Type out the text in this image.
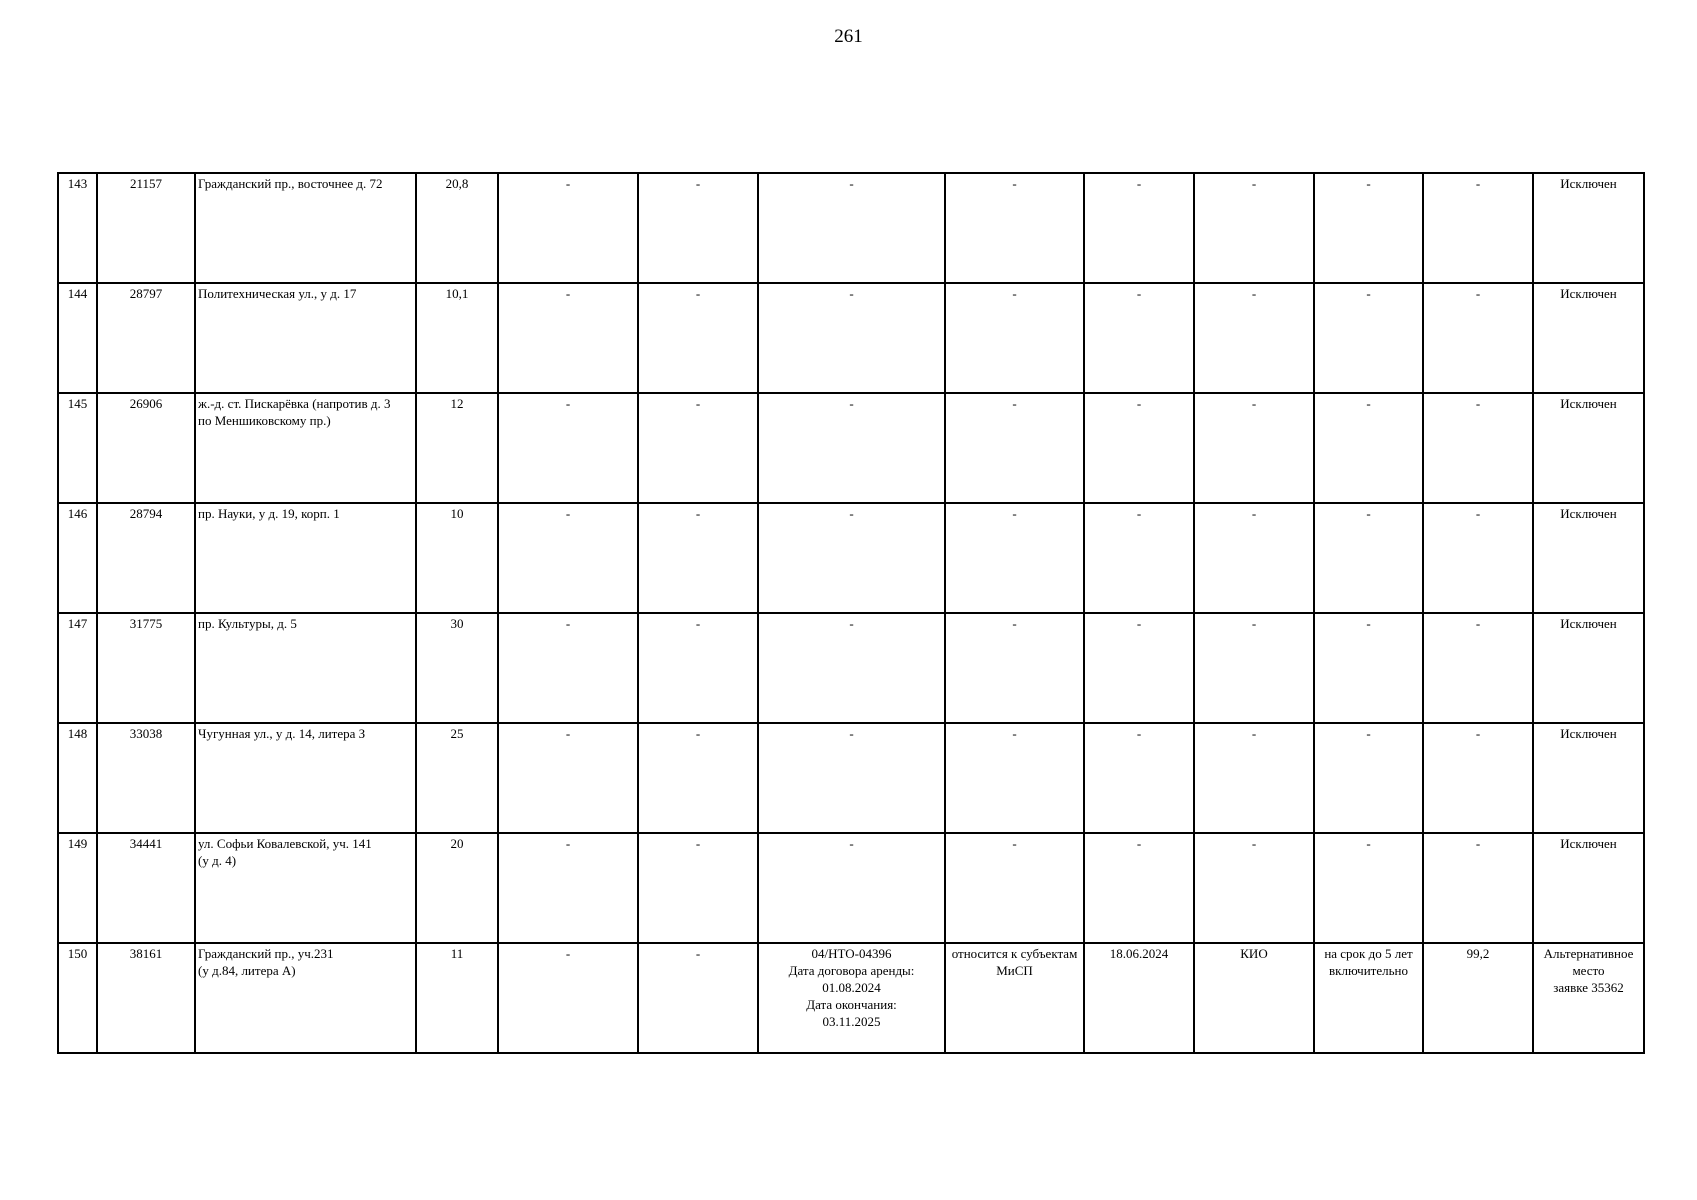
261
143	21157	Гражданский пр., восточнее д. 72	20,8	-	-	-	-	-	-	-	-	Исключен

144	28797	Политехническая ул., у д. 17	10,1	-	-	-	-	-	-	-	-	Исключен

145	26906	ж.-д. ст. Пискарёвка (напротив д. 3
по Меншиковскому пр.)	12	-	-	-	-	-	-	-	-	Исключен

146	28794	пр. Науки, у д. 19, корп. 1	10	-	-	-	-	-	-	-	-	Исключен

147	31775	пр. Культуры, д. 5	30	-	-	-	-	-	-	-	-	Исключен

148	33038	Чугунная ул., у д. 14, литера З	25	-	-	-	-	-	-	-	-	Исключен

149	34441	ул. Софьи Ковалевской, уч. 141
(у д. 4)	20	-	-	-	-	-	-	-	-	Исключен

150	38161	Гражданский пр., уч.231
(у д.84, литера А)	11	-	-	04/НТО-04396
Дата договора аренды:
01.08.2024
Дата окончания:
03.11.2025	относится к субъектам
МиСП	18.06.2024	КИО	на срок до 5 лет
включительно	99,2	Альтернативное
место
заявке 35362
